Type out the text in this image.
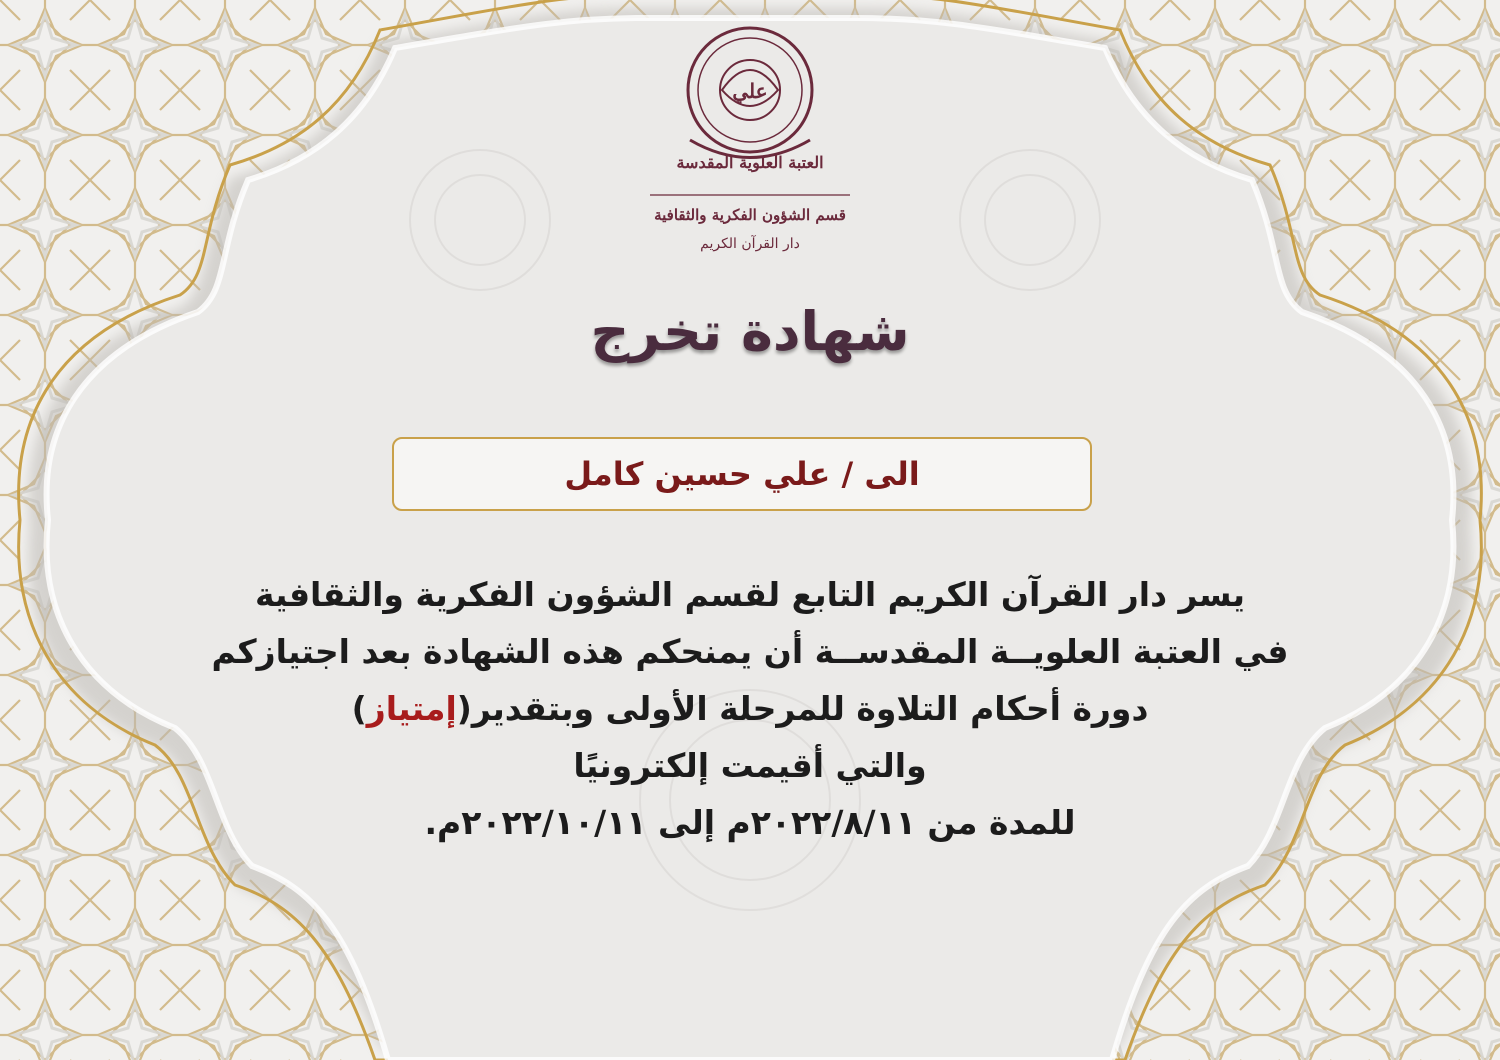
علي
العتبة العلوية المقدسة
قسم الشؤون الفكرية والثقافية
دار القرآن الكريم
شهادة تخرج
الى / علي حسين كامل
يسر دار القرآن الكريم التابع لقسم الشؤون الفكرية والثقافية
في العتبة العلويــة المقدســة أن يمنحكم هذه الشهادة بعد اجتيازكم
دورة أحكام التلاوة للمرحلة الأولى وبتقدير(إمتياز)
والتي أقيمت إلكترونيًا
للمدة من ٢٠٢٢/٨/١١م إلى ٢٠٢٢/١٠/١١م.
